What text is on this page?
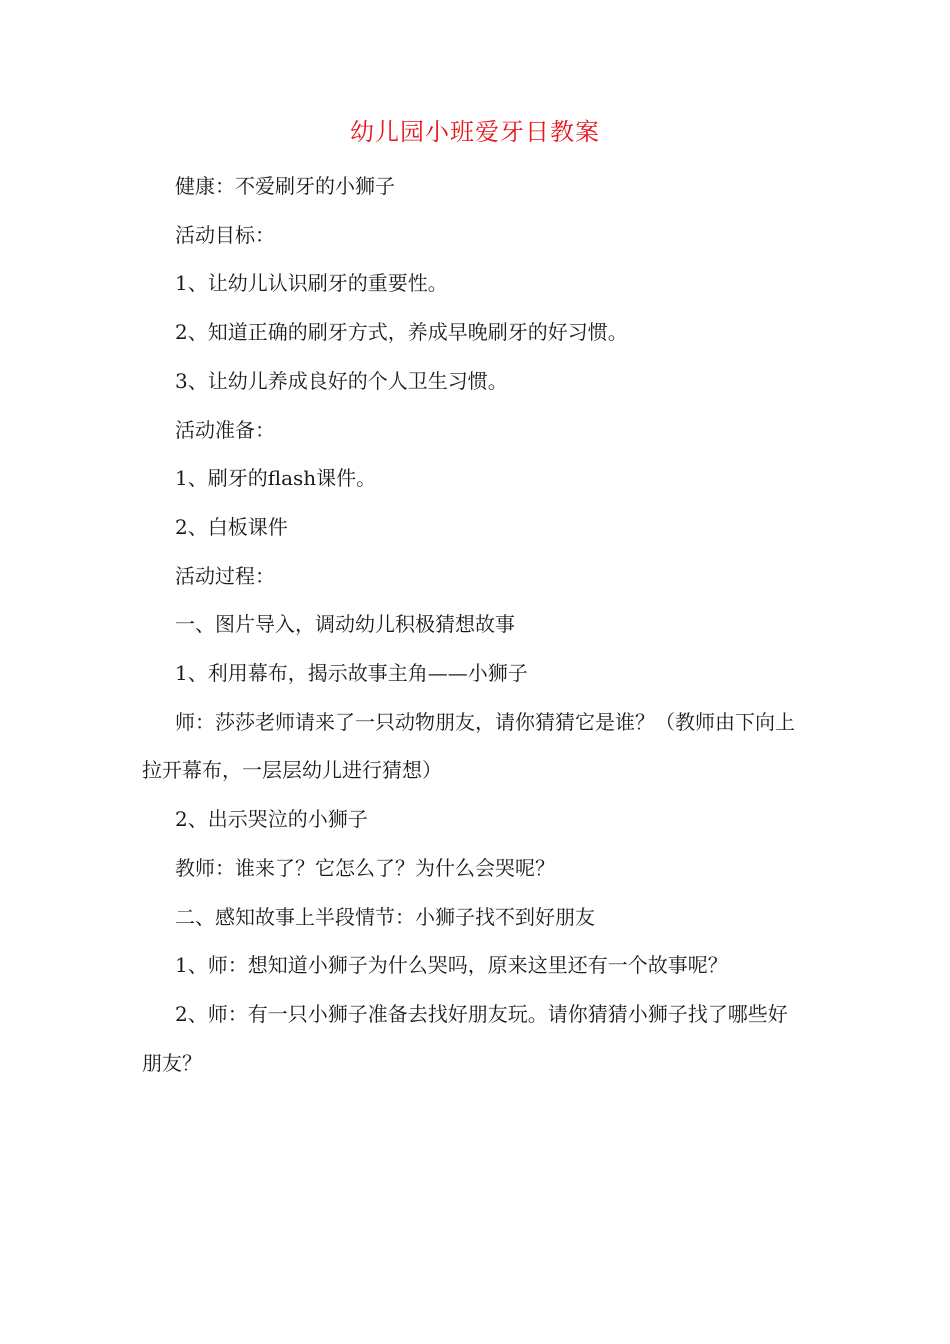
幼儿园小班爱牙日教案

健康：不爱刷牙的小狮子

活动目标：

1、让幼儿认识刷牙的重要性。

2、知道正确的刷牙方式，养成早晚刷牙的好习惯。

3、让幼儿养成良好的个人卫生习惯。

活动准备：

1、刷牙的flash课件。

2、白板课件

活动过程：

一、图片导入，调动幼儿积极猜想故事

1、利用幕布，揭示故事主角——小狮子

师：莎莎老师请来了一只动物朋友，请你猜猜它是谁？（教师由下向上拉开幕布，一层层幼儿进行猜想）

2、出示哭泣的小狮子

教师：谁来了？它怎么了？为什么会哭呢？

二、感知故事上半段情节：小狮子找不到好朋友

1、师：想知道小狮子为什么哭吗，原来这里还有一个故事呢？

2、师：有一只小狮子准备去找好朋友玩。请你猜猜小狮子找了哪些好朋友？
